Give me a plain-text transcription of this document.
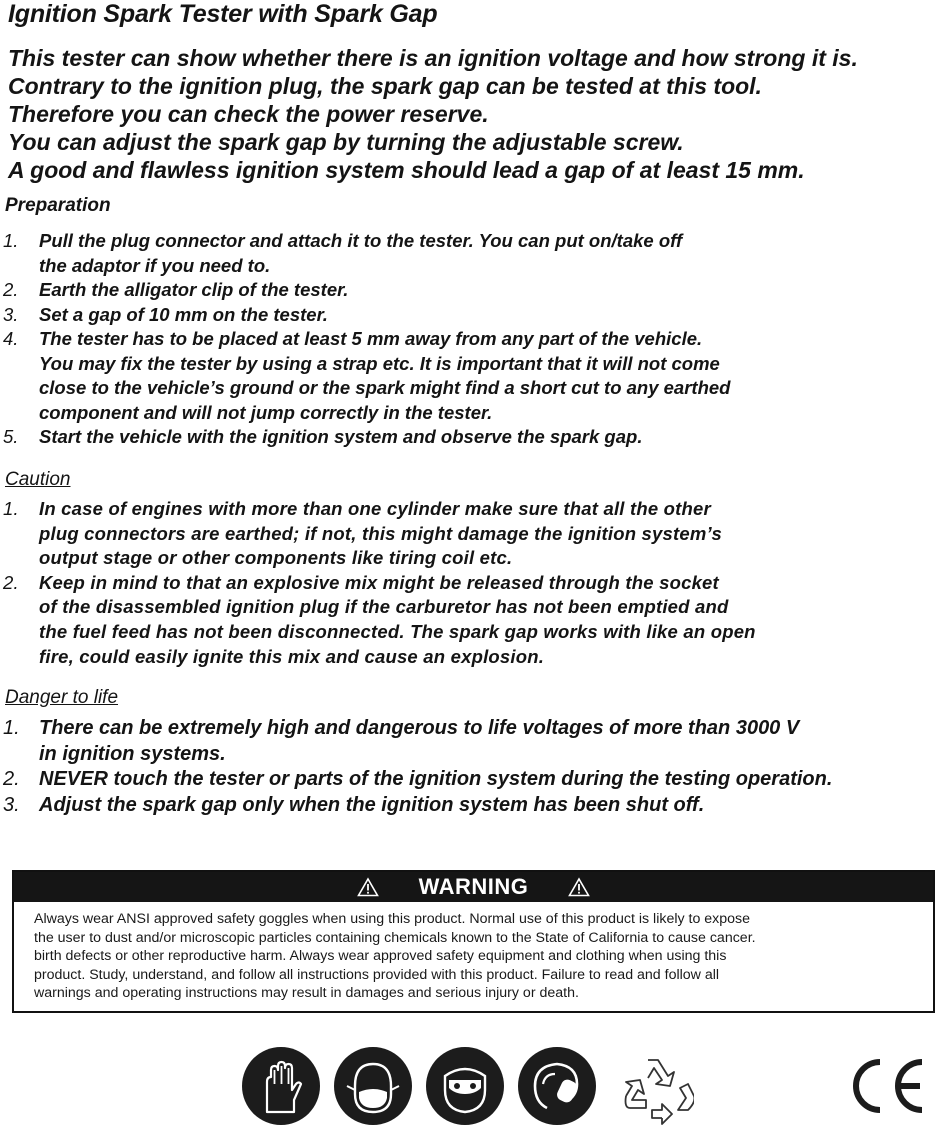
Ignition Spark Tester with Spark Gap
This tester can show whether there is an ignition voltage and how strong it is.
Contrary to the ignition plug, the spark gap can be tested at this tool.
Therefore you can check the power reserve.
You can adjust the spark gap by turning the adjustable screw.
A good and flawless ignition system should lead a gap of at least 15 mm.
Preparation
1. Pull the plug connector and attach it to the tester. You can put on/take off
the adaptor if you need to.
2. Earth the alligator clip of the tester.
3. Set a gap of 10 mm on the tester.
4. The tester has to be placed at least 5 mm away from any part of the vehicle.
You may fix the tester by using a strap etc. It is important that it will not come
close to the vehicle’s ground or the spark might find a short cut to any earthed
component and will not jump correctly in the tester.
5. Start the vehicle with the ignition system and observe the spark gap.
Caution
1. In case of engines with more than one cylinder make sure that all the other
plug connectors are earthed; if not, this might damage the ignition system’s
output stage or other components like tiring coil etc.
2. Keep in mind to that an explosive mix might be released through the socket
of the disassembled ignition plug if the carburetor has not been emptied and
the fuel feed has not been disconnected. The spark gap works with like an open
fire, could easily ignite this mix and cause an explosion.
Danger to life
1. There can be extremely high and dangerous to life voltages of more than 3000 V
in ignition systems.
2. NEVER touch the tester or parts of the ignition system during the testing operation.
3. Adjust the spark gap only when the ignition system has been shut off.
WARNING
Always wear ANSI approved safety goggles when using this product. Normal use of this product is likely to expose
the user to dust and/or microscopic particles containing chemicals known to the State of California to cause cancer.
birth defects or other reproductive harm. Always wear approved safety equipment and clothing when using this
product. Study, understand, and follow all instructions provided with this product. Failure to read and follow all
warnings and operating instructions may result in damages and serious injury or death.
